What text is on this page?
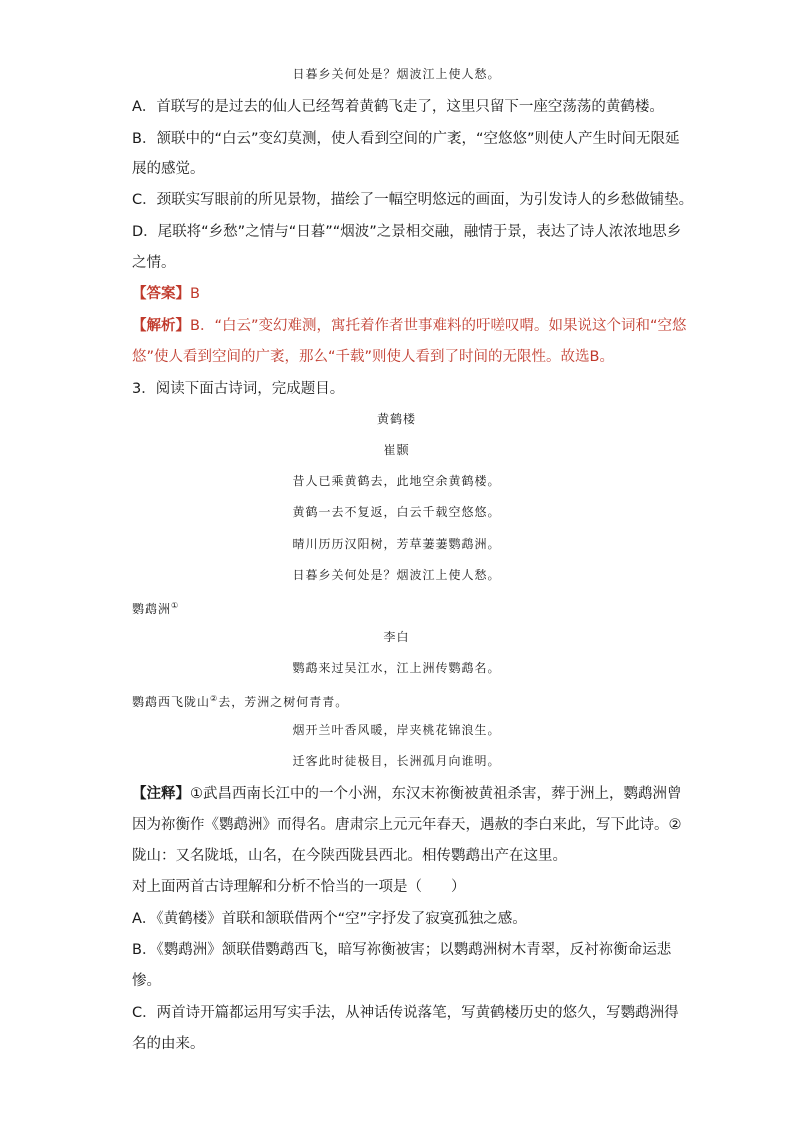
日暮乡关何处是？烟波江上使人愁。
A．首联写的是过去的仙人已经驾着黄鹤飞走了，这里只留下一座空荡荡的黄鹤楼。
B．颔联中的“白云”变幻莫测，使人看到空间的广袤，“空悠悠”则使人产生时间无限延
展的感觉。
C．颈联实写眼前的所见景物，描绘了一幅空明悠远的画面，为引发诗人的乡愁做铺垫。
D．尾联将“乡愁”之情与“日暮”“烟波”之景相交融，融情于景，表达了诗人浓浓地思乡
之情。
【答案】B
【解析】B．“白云”变幻难测，寓托着作者世事难料的吁嗟叹喟。如果说这个词和“空悠
悠”使人看到空间的广袤，那么“千载”则使人看到了时间的无限性。故选B。
3．阅读下面古诗词，完成题目。
黄鹤楼
崔颢
昔人已乘黄鹤去，此地空余黄鹤楼。
黄鹤一去不复返，白云千载空悠悠。
晴川历历汉阳树，芳草萋萋鹦鹉洲。
日暮乡关何处是？烟波江上使人愁。
鹦鹉洲①
李白
鹦鹉来过吴江水，江上洲传鹦鹉名。
鹦鹉西飞陇山②去，芳洲之树何青青。
烟开兰叶香风暖，岸夹桃花锦浪生。
迁客此时徒极目，长洲孤月向谁明。
【注释】①武昌西南长江中的一个小洲，东汉末祢衡被黄祖杀害，葬于洲上，鹦鹉洲曾
因为祢衡作《鹦鹉洲》而得名。唐肃宗上元元年春天，遇赦的李白来此，写下此诗。②
陇山：又名陇坻，山名，在今陕西陇县西北。相传鹦鹉出产在这里。
对上面两首古诗理解和分析不恰当的一项是（　　）
A．《黄鹤楼》首联和颔联借两个“空”字抒发了寂寞孤独之感。
B．《鹦鹉洲》颔联借鹦鹉西飞，暗写祢衡被害；以鹦鹉洲树木青翠，反衬祢衡命运悲
惨。
C．两首诗开篇都运用写实手法，从神话传说落笔，写黄鹤楼历史的悠久，写鹦鹉洲得
名的由来。
